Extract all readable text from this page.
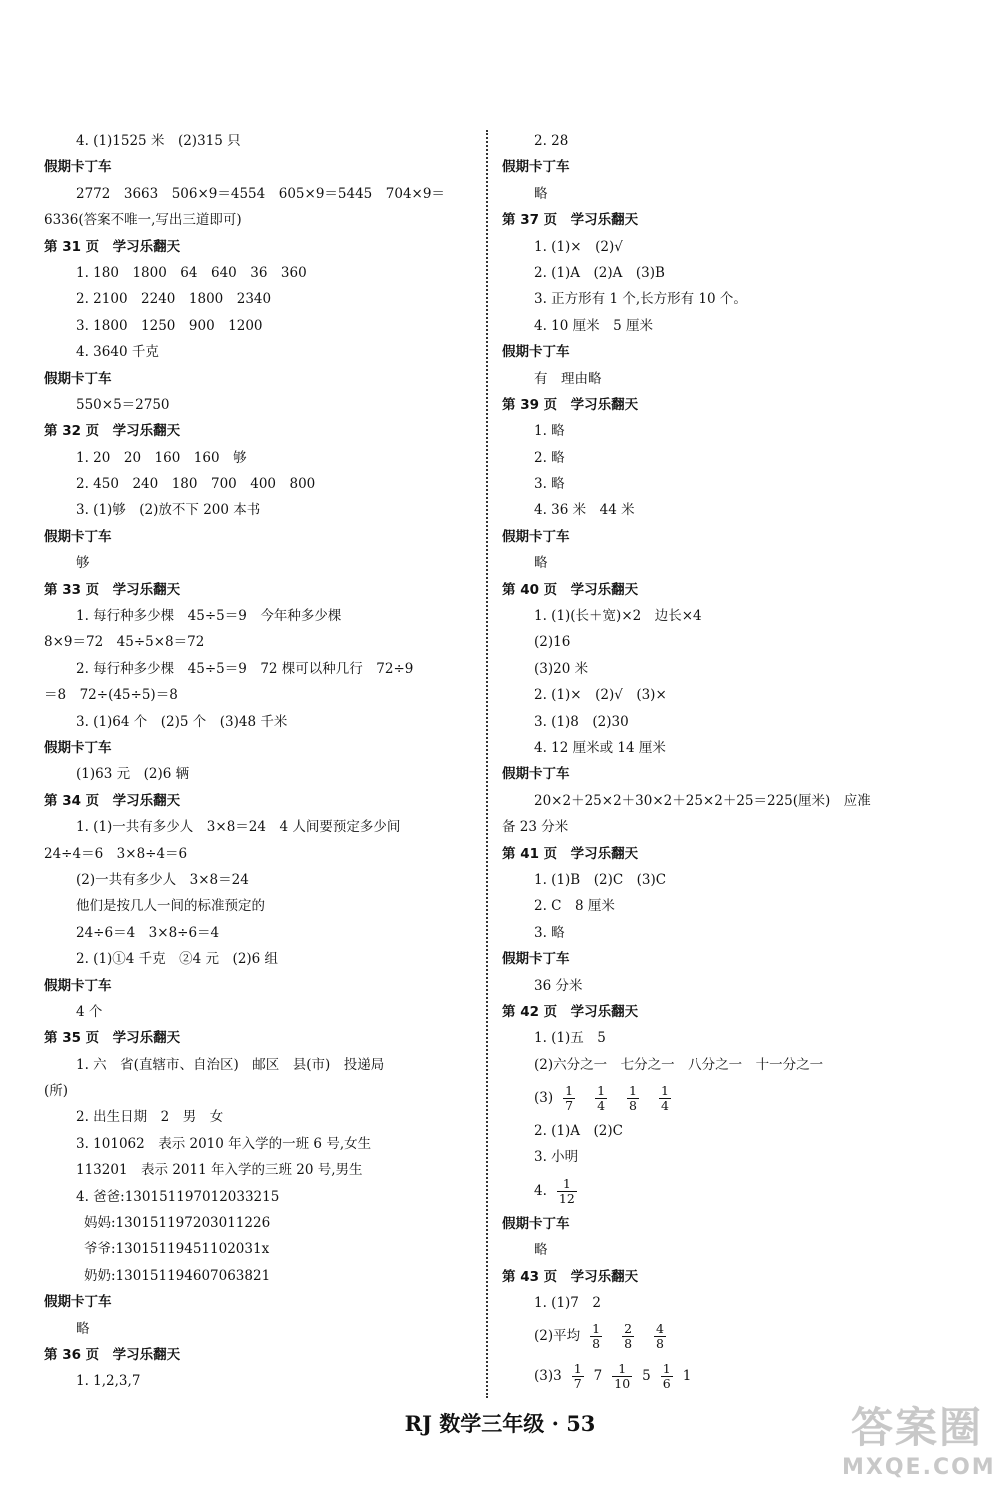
4. (1)1525 米　(2)315 只
假期卡丁车
2772　3663　506×9＝4554　605×9＝5445　704×9＝
6336(答案不唯一,写出三道即可)
第 31 页　学习乐翻天
1. 180　1800　64　640　36　360
2. 2100　2240　1800　2340
3. 1800　1250　900　1200
4. 3640 千克
假期卡丁车
550×5＝2750
第 32 页　学习乐翻天
1. 20　20　160　160　够
2. 450　240　180　700　400　800
3. (1)够　(2)放不下 200 本书
假期卡丁车
够
第 33 页　学习乐翻天
1. 每行种多少棵　45÷5＝9　今年种多少棵
8×9＝72　45÷5×8＝72
2. 每行种多少棵　45÷5＝9　72 棵可以种几行　72÷9
＝8　72÷(45÷5)＝8
3. (1)64 个　(2)5 个　(3)48 千米
假期卡丁车
(1)63 元　(2)6 辆
第 34 页　学习乐翻天
1. (1)一共有多少人　3×8＝24　4 人间要预定多少间
24÷4＝6　3×8÷4＝6
(2)一共有多少人　3×8＝24
他们是按几人一间的标准预定的
24÷6＝4　3×8÷6＝4
2. (1)①4 千克　②4 元　(2)6 组
假期卡丁车
4 个
第 35 页　学习乐翻天
1. 六　省(直辖市、自治区)　邮区　县(市)　投递局
(所)
2. 出生日期　2　男　女
3. 101062　表示 2010 年入学的一班 6 号,女生
113201　表示 2011 年入学的三班 20 号,男生
4. 爸爸:130151197012033215
妈妈:130151197203011226
爷爷:13015119451102031x
奶奶:130151194607063821
假期卡丁车
略
第 36 页　学习乐翻天
1. 1,2,3,7
2. 28
假期卡丁车
略
第 37 页　学习乐翻天
1. (1)×　(2)√
2. (1)A　(2)A　(3)B
3. 正方形有 1 个,长方形有 10 个。
4. 10 厘米　5 厘米
假期卡丁车
有　理由略
第 39 页　学习乐翻天
1. 略
2. 略
3. 略
4. 36 米　44 米
假期卡丁车
略
第 40 页　学习乐翻天
1. (1)(长＋宽)×2　边长×4
(2)16
(3)20 米
2. (1)×　(2)√　(3)×
3. (1)8　(2)30
4. 12 厘米或 14 厘米
假期卡丁车
20×2＋25×2＋30×2＋25×2＋25＝225(厘米)　应准
备 23 分米
第 41 页　学习乐翻天
1. (1)B　(2)C　(3)C
2. C　8 厘米
3. 略
假期卡丁车
36 分米
第 42 页　学习乐翻天
1. (1)五　5
(2)六分之一　七分之一　八分之一　十一分之一
$(3) \frac{1}{7} \frac{1}{4} \frac{1}{8} \frac{1}{4}$
2. (1)A　(2)C
3. 小明
4. $\frac{1}{12}$
假期卡丁车
略
第 43 页　学习乐翻天
1. (1)7　2
(2)平均 $\frac{1}{8} \frac{2}{8} \frac{4}{8}$
$(3)3 \frac{1}{7} 7 \frac{1}{10} 5 \frac{1}{6} 1$
RJ 数学三年级 · 53	答案圈
MXQE.COM
